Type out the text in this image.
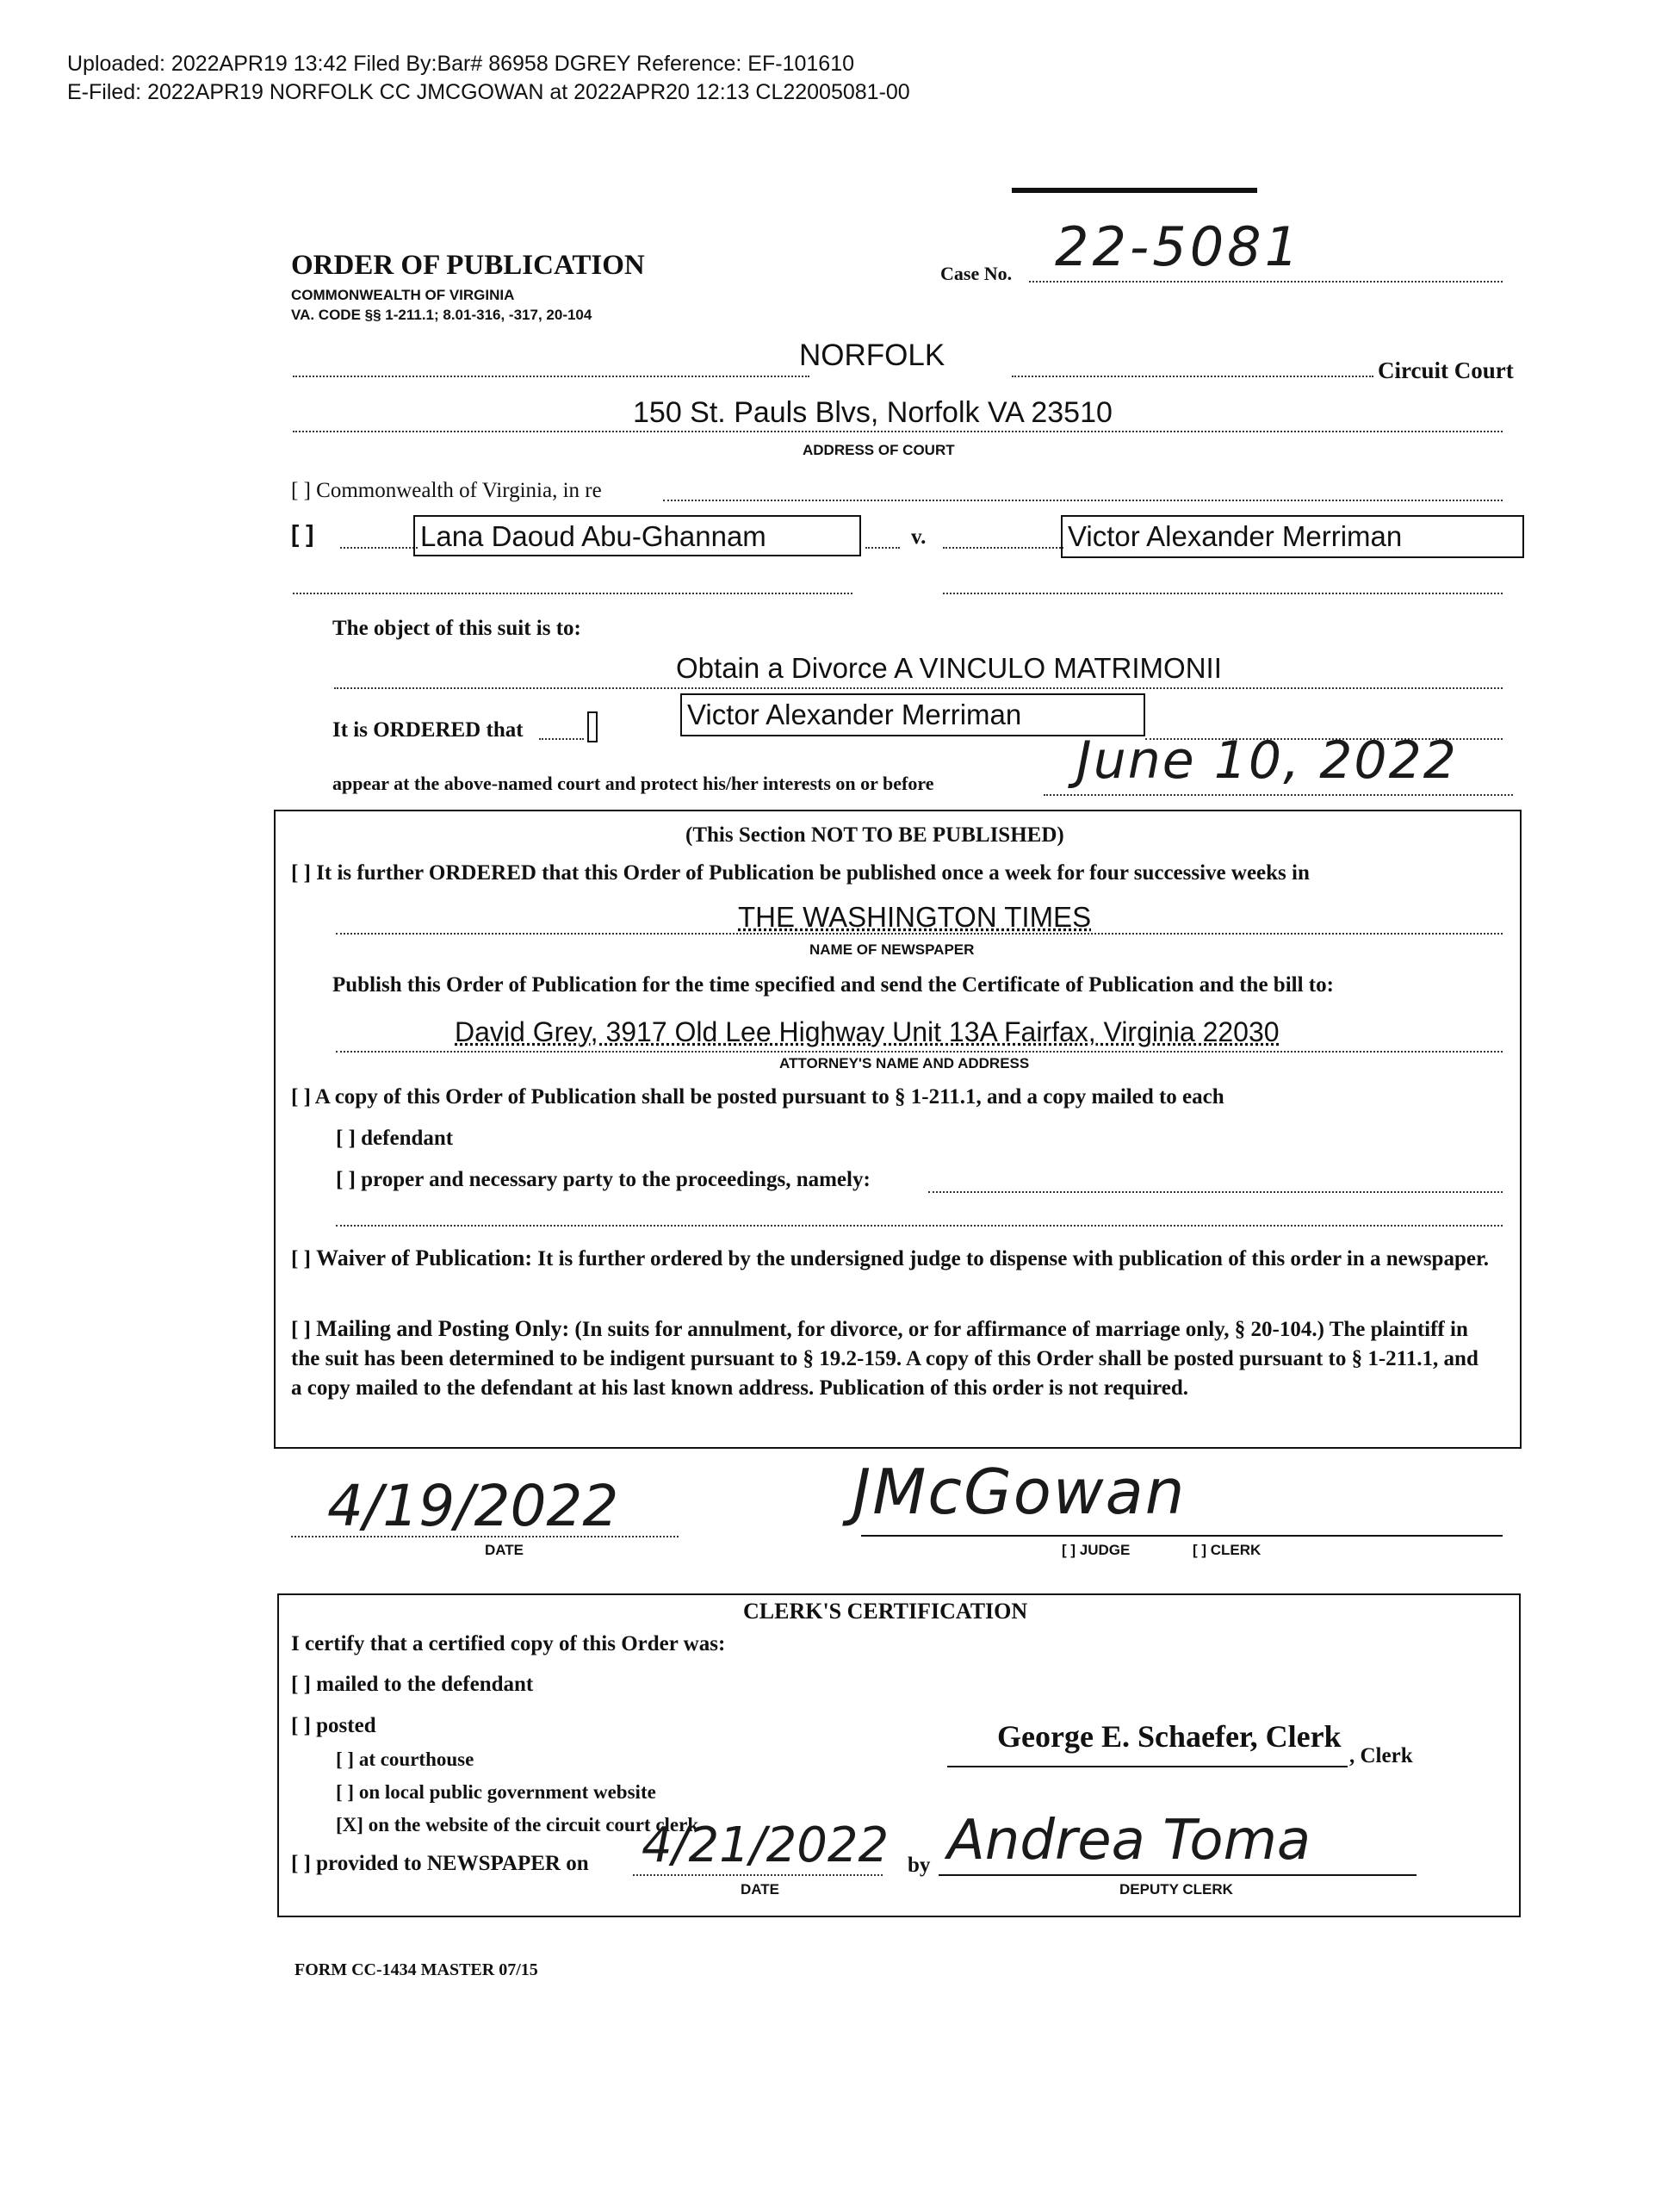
Uploaded: 2022APR19 13:42 Filed By:Bar# 86958 DGREY Reference: EF-101610
E-Filed: 2022APR19 NORFOLK CC JMCGOWAN at 2022APR20 12:13 CL22005081-00
ORDER OF PUBLICATION
COMMONWEALTH OF VIRGINIA
VA. CODE §§ 1-211.1; 8.01-316, -317, 20-104
Case No. 22-5081
NORFOLK	Circuit Court
150 St. Pauls Blvs, Norfolk VA 23510
ADDRESS OF COURT
[ ] Commonwealth of Virginia, in re
[ ]	Lana Daoud Abu-Ghannam	v.	Victor Alexander Merriman
The object of this suit is to:
Obtain a Divorce A VINCULO MATRIMONII
It is ORDERED that	Victor Alexander Merriman
appear at the above-named court and protect his/her interests on or before	June 10, 2022
(This Section NOT TO BE PUBLISHED)
[ ] It is further ORDERED that this Order of Publication be published once a week for four successive weeks in
THE WASHINGTON TIMES
NAME OF NEWSPAPER
Publish this Order of Publication for the time specified and send the Certificate of Publication and the bill to:
David Grey, 3917 Old Lee Highway Unit 13A Fairfax, Virginia 22030
ATTORNEY'S NAME AND ADDRESS
[ ] A copy of this Order of Publication shall be posted pursuant to § 1-211.1, and a copy mailed to each
[ ] defendant
[ ] proper and necessary party to the proceedings, namely:
[ ] Waiver of Publication: It is further ordered by the undersigned judge to dispense with publication of this order in a newspaper.
[ ] Mailing and Posting Only: (In suits for annulment, for divorce, or for affirmance of marriage only, § 20-104.) The plaintiff in the suit has been determined to be indigent pursuant to § 19.2-159. A copy of this Order shall be posted pursuant to § 1-211.1, and a copy mailed to the defendant at his last known address. Publication of this order is not required.
4/19/2022
DATE
JMcGowan
[ ] JUDGE	[ ] CLERK
CLERK'S CERTIFICATION
I certify that a certified copy of this Order was:
[ ] mailed to the defendant
[ ] posted
[ ] at courthouse
[ ] on local public government website
[X] on the website of the circuit court clerk
[ ] provided to NEWSPAPER on 4/21/2022
DATE
by Andrea Toma
DEPUTY CLERK
George E. Schaefer, Clerk
, Clerk
FORM CC-1434 MASTER 07/15
